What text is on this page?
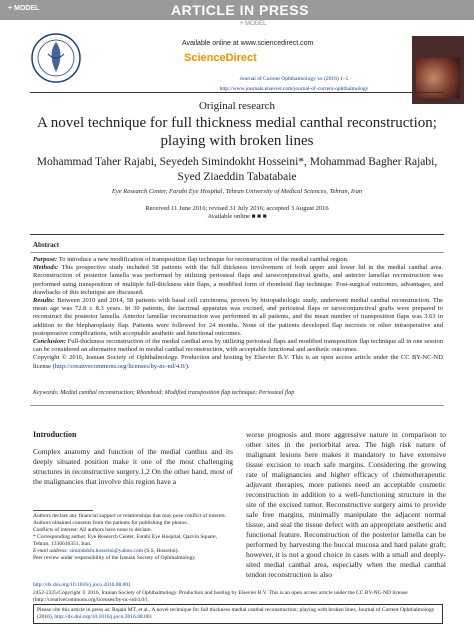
+ MODEL	ARTICLE IN PRESS
+ MODEL
Available online at www.sciencedirect.com
ScienceDirect
Journal of Current Ophthalmology xx (2016) 1–5
http://www.journals.elsevier.com/journal-of-current-ophthalmology
Original research
A novel technique for full thickness medial canthal reconstruction; playing with broken lines
Mohammad Taher Rajabi, Seyedeh Simindokht Hosseini*, Mohammad Bagher Rajabi, Syed Ziaeddin Tabatabaie
Eye Research Center, Farabi Eye Hospital, Tehran University of Medical Sciences, Tehran, Iran
Received 11 June 2016; revised 31 July 2016; accepted 3 August 2016
Available online ■ ■ ■
Abstract

Purpose: To introduce a new modification of transposition flap technique for reconstruction of the medial canthal region.

Methods: This prospective study included 58 patients with the full thickness involvement of both upper and lower lid in the medial canthal area. Reconstruction of posterior lamella was performed by utilizing periosteal flaps and tarsoconjunctival grafts, and anterior lamellar reconstruction was performed using transposition of multiple full-thickness skin flaps, a modified form of rhomboid flap technique. Post-surgical outcomes, advantages, and drawbacks of this technique are discussed.

Results: Between 2010 and 2014, 58 patients with basal cell carcinoma, proven by histopathologic study, underwent medial canthal reconstruction. The mean age was 72.8 ± 8.3 years. In 30 patients, the lacrimal apparatus was excised, and periosteal flaps or tarsoconjunctival grafts were prepared to reconstruct the posterior lamella. Anterior lamellar reconstruction was performed in all patients, and the mean number of transposition flaps was 3.63 in addition to the blepharoplasty flap. Patients were followed for 24 months. None of the patients developed flap necrosis or other intraoperative and postoperative complications, with acceptable aesthetic and functional outcomes.

Conclusion: Full-thickness reconstruction of the medial canthal area by utilizing periosteal flaps and modified transposition flap technique all in one session can be considered an alternative method in medial canthal reconstruction, with acceptable functional and aesthetic outcomes.

Copyright © 2016, Iranian Society of Ophthalmology. Production and hosting by Elsevier B.V. This is an open access article under the CC BY-NC-ND license (http://creativecommons.org/licenses/by-nc-nd/4.0/).

Keywords: Medial canthal reconstruction; Rhomboid; Modified transposition flap technique; Periosteal flap
Introduction
Complex anatomy and function of the medial canthus and its deeply situated position make it one of the most challenging structures in reconstructive surgery.1,2 On the other hand, most of the malignancies that involve this region have a
worse prognosis and more aggressive nature in comparison to other sites in the periorbital area. The high risk nature of malignant lesions here makes it mandatory to have extensive tissue excision to reach safe margins. Considering the growing rate of malignancies and higher efficacy of chemotherapeutic adjuvant therapies, more patients need an acceptable cosmetic reconstruction in addition to a well-functioning structure in the site of the excised tumor. Reconstructive surgery aims to provide safe free margins, minimally manipulate the adjacent normal tissue, and seal the tissue defect with an appropriate aesthetic and functional feature. Reconstruction of the posterior lamella can be performed by harvesting the buccal mucosa and hard palate graft; however, it is not a good choice in cases with a small and deeply-sited medial canthal area, especially when the medial canthal tendon reconstruction is also

Authors declare any financial support or relationships that may pose conflict of interest.

Authors obtained consents from the patients for publishing the photos.

Conflicts of interest: All authors have none to declare.

* Corresponding author. Eye Research Center, Farabi Eye Hospital, Qazvin Square, Tehran, 1336616351, Iran.

E-mail address: simindokht.hosseini@yahoo.com (S.S. Hosseini).

Peer review under responsibility of the Iranian Society of Ophthalmology.

http://dx.doi.org/10.1016/j.joco.2016.08.001
2452-2325/Copyright © 2016, Iranian Society of Ophthalmology. Production and hosting by Elsevier B.V. This is an open access article under the CC BY-NC-ND license (http://creativecommons.org/licenses/by-nc-nd/4.0/).
Please cite this article in press as: Rajabi MT, et al., A novel technique for full thickness medial canthal reconstruction; playing with broken lines, Journal of Current Ophthalmology (2016), http://dx.doi.org/10.1016/j.joco.2016.08.001
